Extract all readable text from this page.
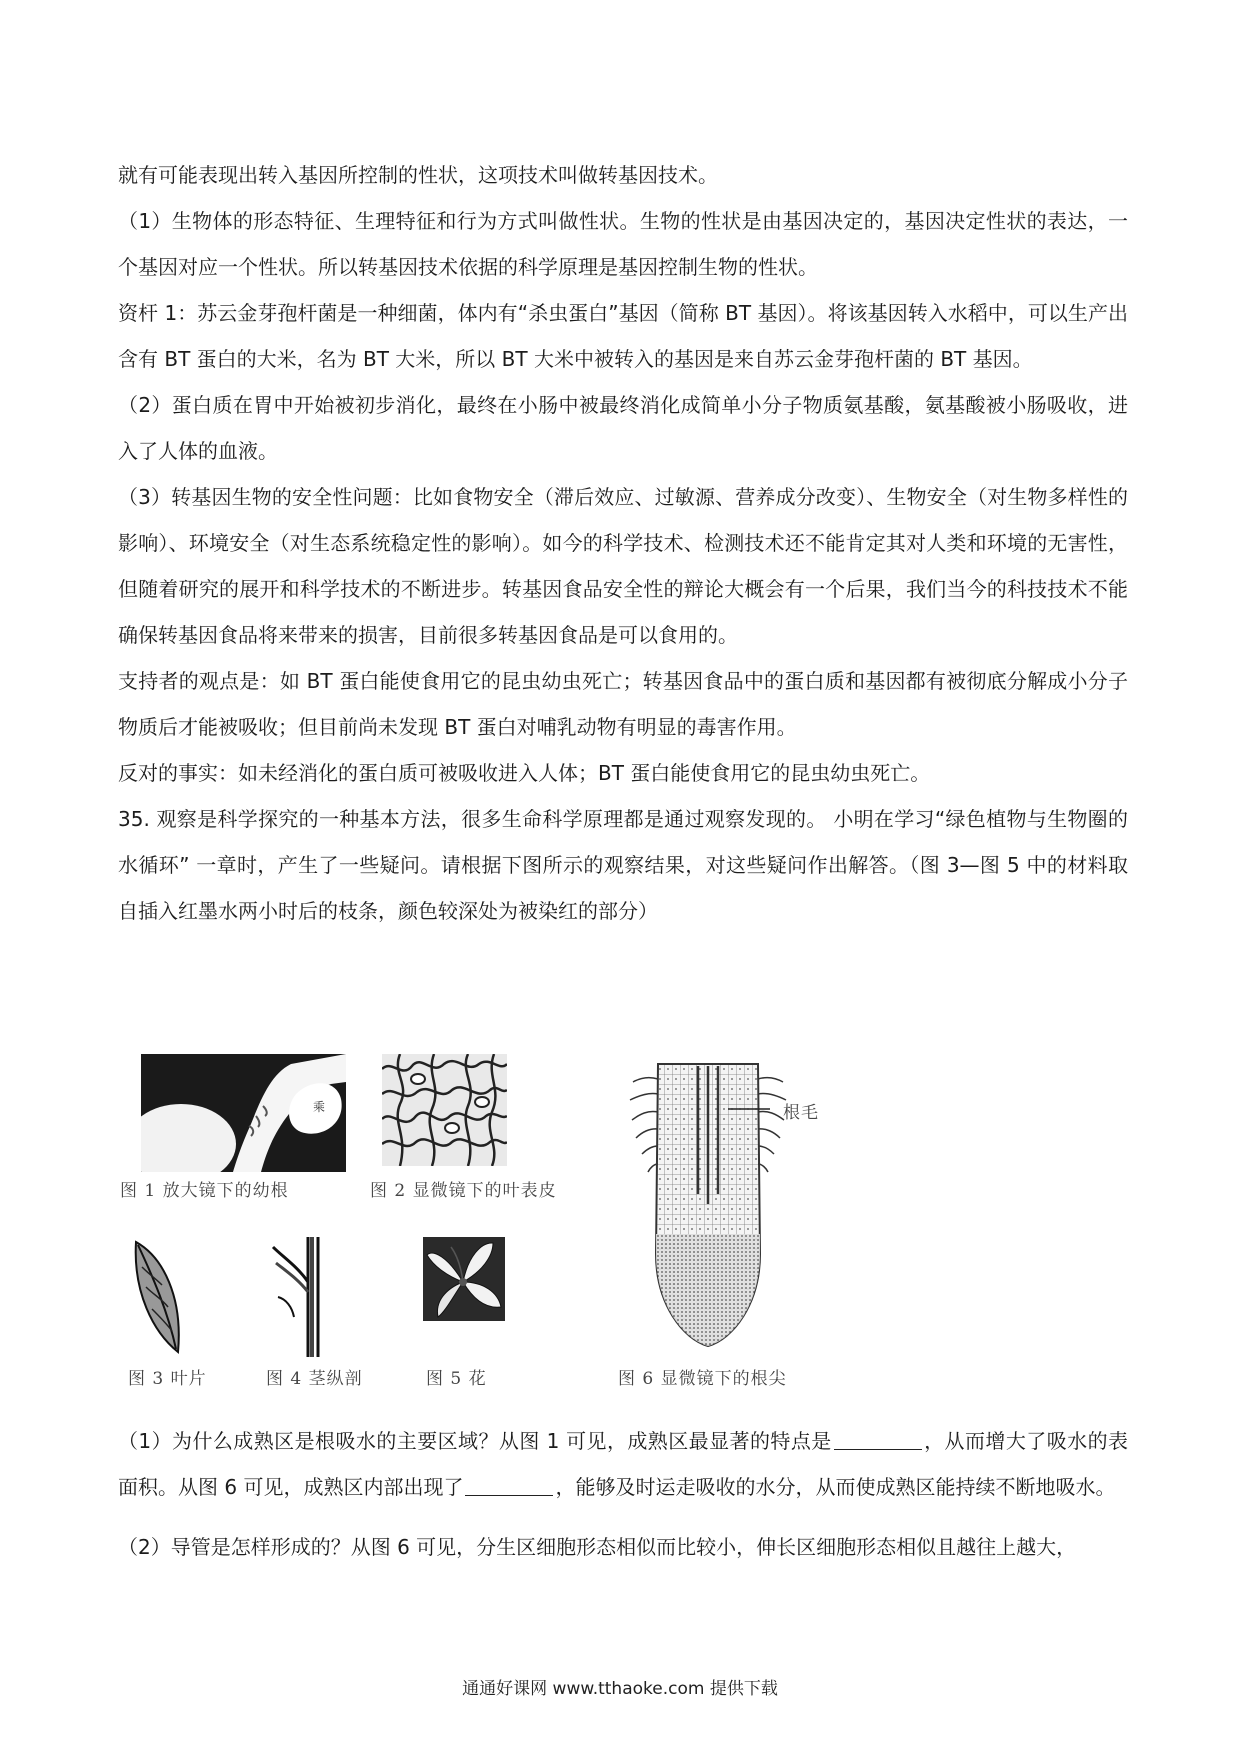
就有可能表现出转入基因所控制的性状，这项技术叫做转基因技术。

（1）生物体的形态特征、生理特征和行为方式叫做性状。生物的性状是由基因决定的，基因决定性状的表达，一个基因对应一个性状。所以转基因技术依据的科学原理是基因控制生物的性状。

资杆 1：苏云金芽孢杆菌是一种细菌，体内有“杀虫蛋白”基因（简称 BT 基因）。将该基因转入水稻中，可以生产出含有 BT 蛋白的大米，名为 BT 大米，所以 BT 大米中被转入的基因是来自苏云金芽孢杆菌的 BT 基因。

（2）蛋白质在胃中开始被初步消化，最终在小肠中被最终消化成简单小分子物质氨基酸，氨基酸被小肠吸收，进入了人体的血液。

（3）转基因生物的安全性问题：比如食物安全（滞后效应、过敏源、营养成分改变）、生物安全（对生物多样性的影响）、环境安全（对生态系统稳定性的影响）。如今的科学技术、检测技术还不能肯定其对人类和环境的无害性，但随着研究的展开和科学技术的不断进步。转基因食品安全性的辩论大概会有一个后果，我们当今的科技技术不能确保转基因食品将来带来的损害，目前很多转基因食品是可以食用的。

支持者的观点是：如 BT 蛋白能使食用它的昆虫幼虫死亡；转基因食品中的蛋白质和基因都有被彻底分解成小分子物质后才能被吸收；但目前尚未发现 BT 蛋白对哺乳动物有明显的毒害作用。

反对的事实：如未经消化的蛋白质可被吸收进入人体；BT 蛋白能使食用它的昆虫幼虫死亡。

35. 观察是科学探究的一种基本方法，很多生命科学原理都是通过观察发现的。 小明在学习“绿色植物与生物圈的水循环” 一章时，产生了一些疑问。请根据下图所示的观察结果，对这些疑问作出解答。（图 3—图 5 中的材料取自插入红墨水两小时后的枝条，颜色较深处为被染红的部分）

乘
图 1 放大镜下的幼根	图 2 显微镜下的叶表皮
图 3 叶片	图 4 茎纵剖	图 5 花
根毛
图 6 显微镜下的根尖

（1）为什么成熟区是根吸水的主要区域？从图 1 可见，成熟区最显著的特点是	，从而增大了吸水的表面积。从图 6 可见，成熟区内部出现了	，能够及时运走吸收的水分，从而使成熟区能持续不断地吸水。

（2）导管是怎样形成的？从图 6 可见，分生区细胞形态相似而比较小，伸长区细胞形态相似且越往上越大，

通通好课网 www.tthaoke.com 提供下载
